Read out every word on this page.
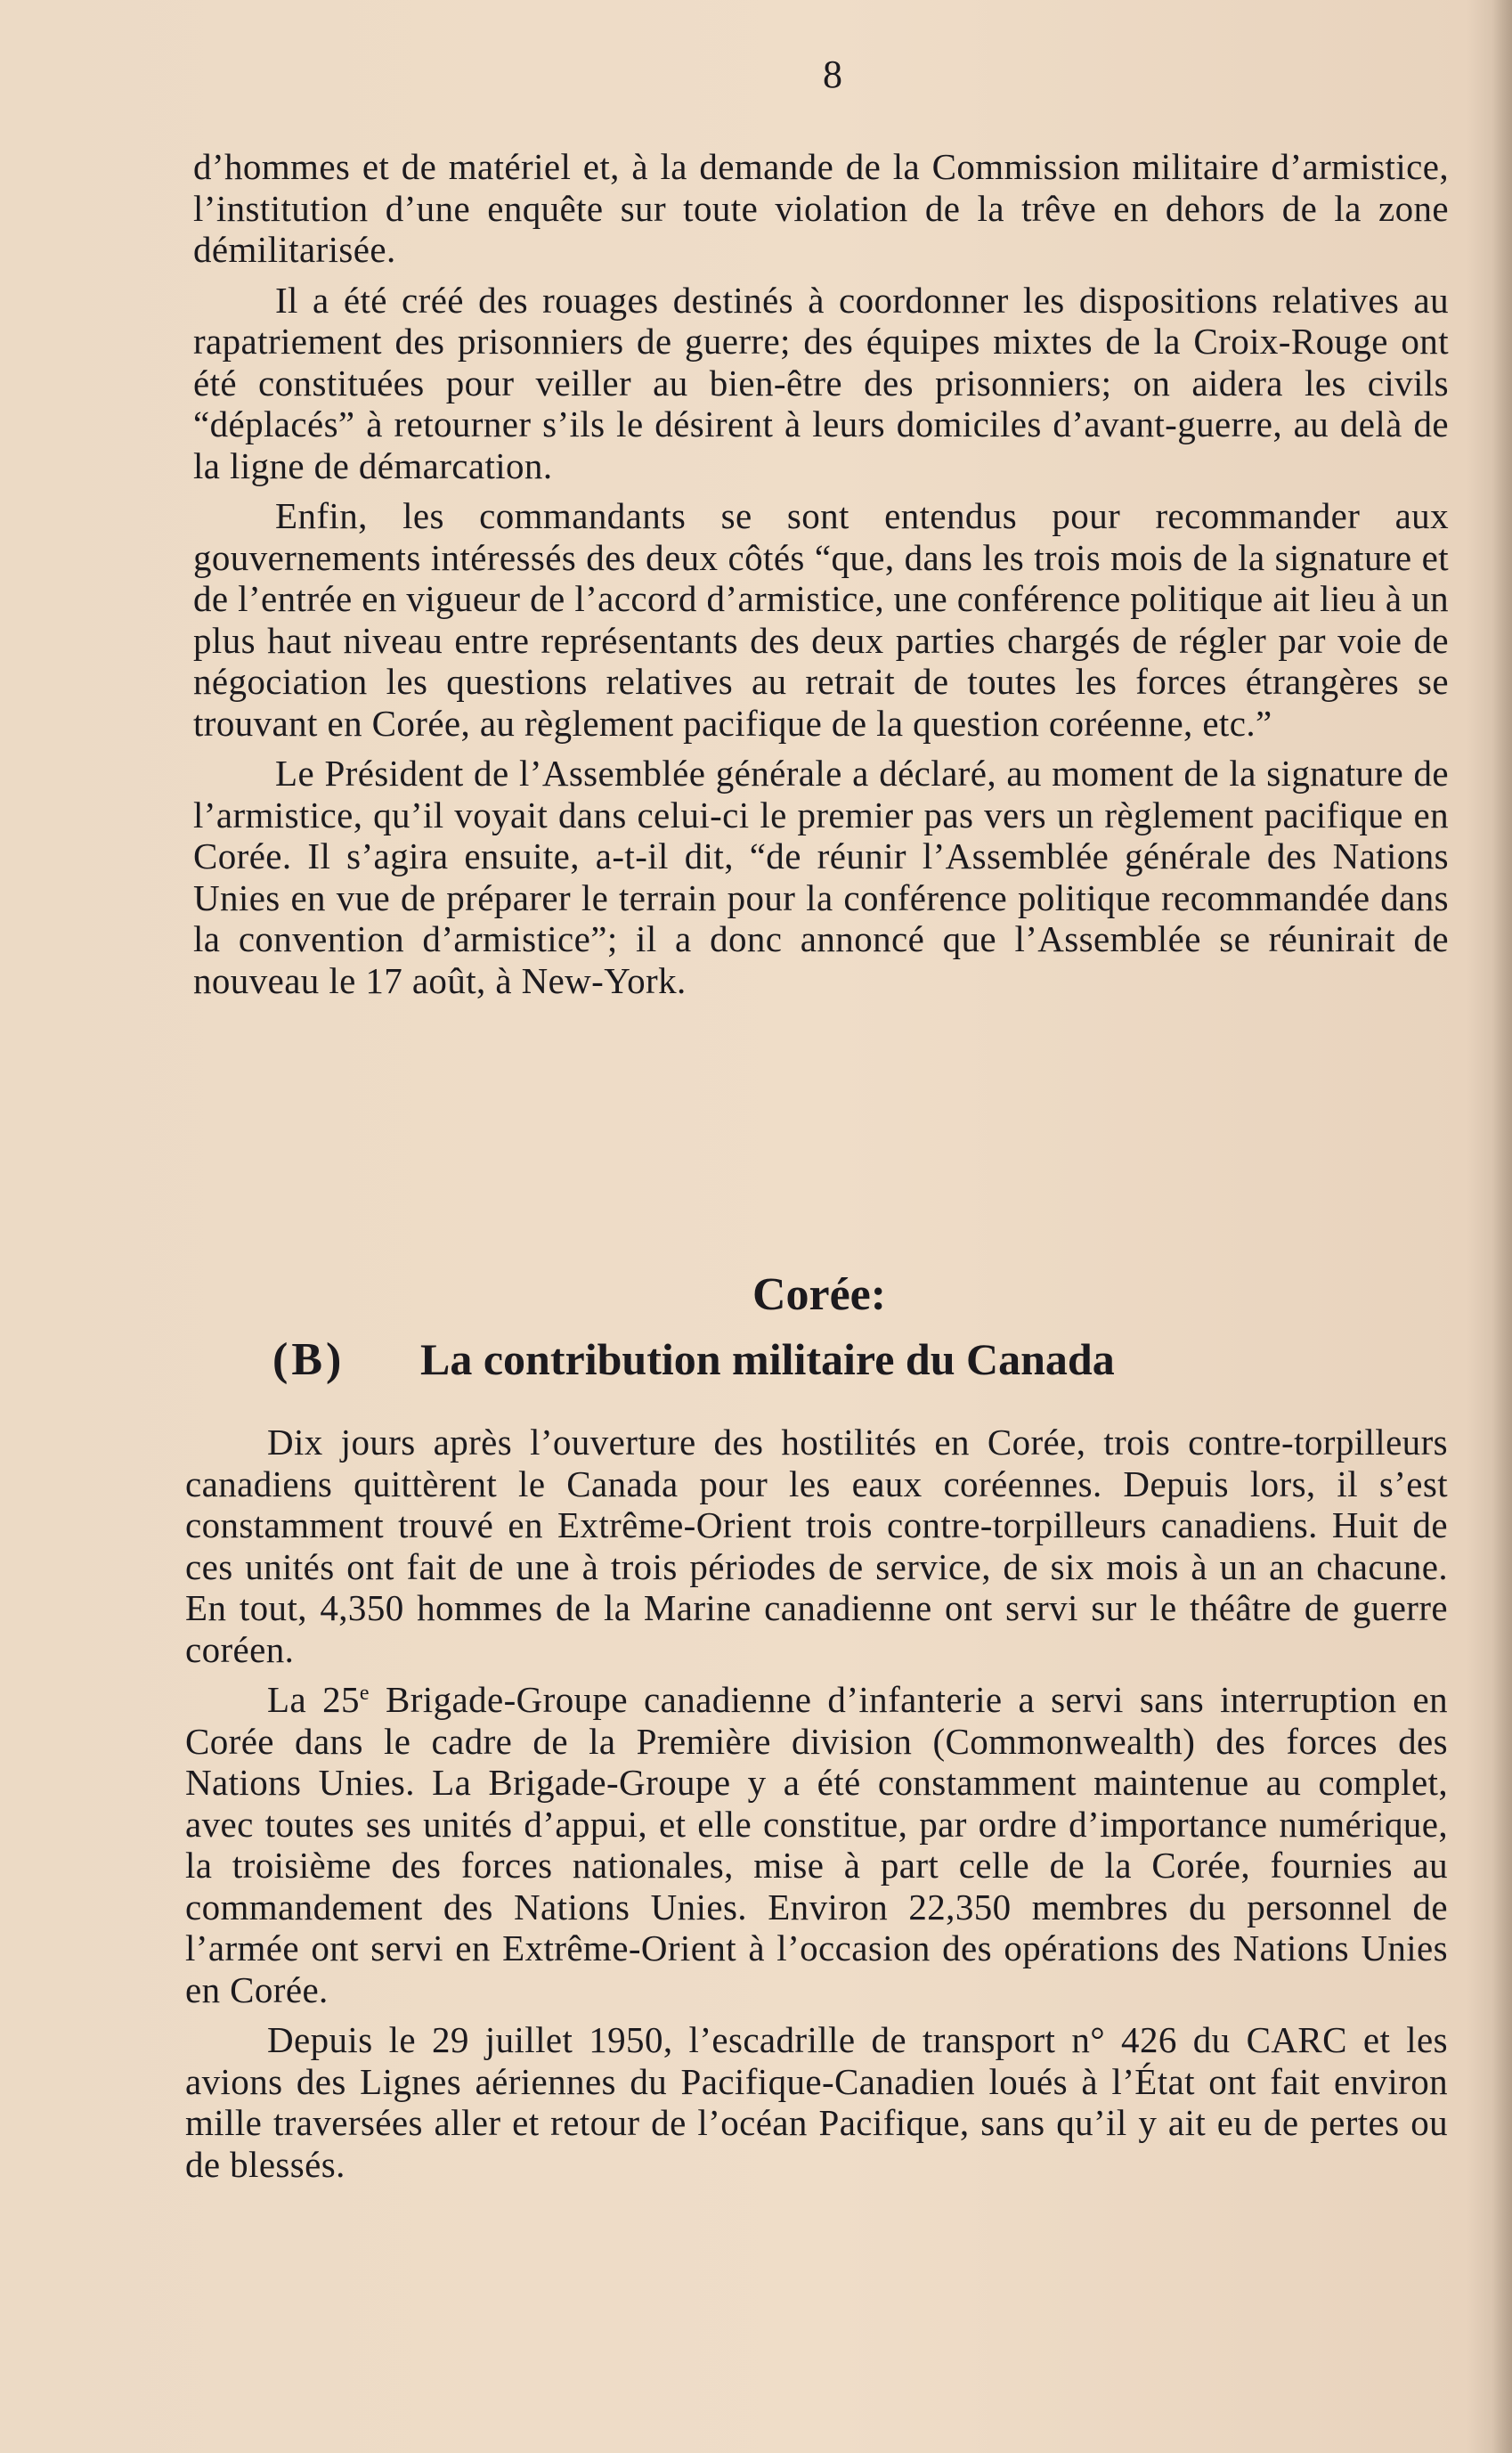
8

d’hommes et de matériel et, à la demande de la Commission militaire d’armistice, l’institution d’une enquête sur toute violation de la trêve en dehors de la zone démilitarisée.

Il a été créé des rouages destinés à coordonner les dispositions relatives au rapatriement des prisonniers de guerre; des équipes mixtes de la Croix-Rouge ont été constituées pour veiller au bien-être des prisonniers; on aidera les civils “déplacés” à retourner s’ils le désirent à leurs domiciles d’avant-guerre, au delà de la ligne de démarcation.

Enfin, les commandants se sont entendus pour recommander aux gouvernements intéressés des deux côtés “que, dans les trois mois de la signature et de l’entrée en vigueur de l’accord d’armistice, une conférence politique ait lieu à un plus haut niveau entre représentants des deux parties chargés de régler par voie de négociation les questions relatives au retrait de toutes les forces étrangères se trouvant en Corée, au règlement pacifique de la question coréenne, etc.”

Le Président de l’Assemblée générale a déclaré, au moment de la signature de l’armistice, qu’il voyait dans celui-ci le premier pas vers un règlement pacifique en Corée. Il s’agira ensuite, a-t-il dit, “de réunir l’Assemblée générale des Nations Unies en vue de préparer le terrain pour la conférence politique recommandée dans la convention d’armistice”; il a donc annoncé que l’Assemblée se réunirait de nouveau le 17 août, à New-York.

Corée:
(B) La contribution militaire du Canada

Dix jours après l’ouverture des hostilités en Corée, trois contre-torpilleurs canadiens quittèrent le Canada pour les eaux coréennes. Depuis lors, il s’est constamment trouvé en Extrême-Orient trois contre-torpilleurs canadiens. Huit de ces unités ont fait de une à trois périodes de service, de six mois à un an chacune. En tout, 4,350 hommes de la Marine canadienne ont servi sur le théâtre de guerre coréen.

La 25e Brigade-Groupe canadienne d’infanterie a servi sans interruption en Corée dans le cadre de la Première division (Commonwealth) des forces des Nations Unies. La Brigade-Groupe y a été constamment maintenue au complet, avec toutes ses unités d’appui, et elle constitue, par ordre d’importance numérique, la troisième des forces nationales, mise à part celle de la Corée, fournies au commandement des Nations Unies. Environ 22,350 membres du personnel de l’armée ont servi en Extrême-Orient à l’occasion des opérations des Nations Unies en Corée.

Depuis le 29 juillet 1950, l’escadrille de transport n° 426 du CARC et les avions des Lignes aériennes du Pacifique-Canadien loués à l’État ont fait environ mille traversées aller et retour de l’océan Pacifique, sans qu’il y ait eu de pertes ou de blessés.
